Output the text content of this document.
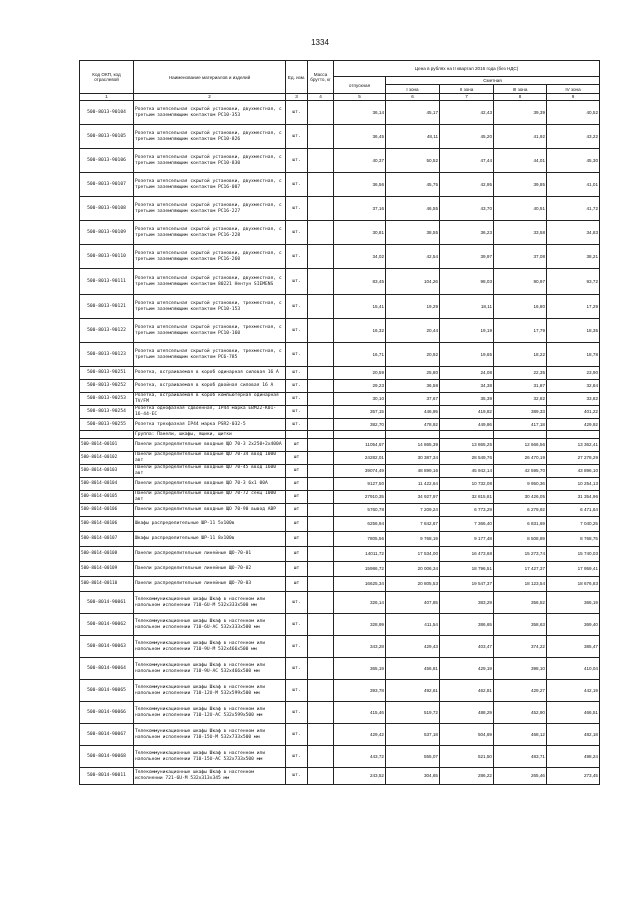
1334
Код ОКП, код отраслевой	Наименование материалов и изделий	Ед. изм.	Масса брутто, кг	Цена в рублях на II квартал 2016 года (без НДС)				
				отпускная	Сметная			
					I зона	II зона	III зона	IV зона
1	2	3	4	5	6	7	8	9
500-8013-90104	Розетка штепсельная скрытой установки, двухместная, с третьим заземляющим контактом РС10-353	шт.		36,14	45,17	42,43	39,39	40,52
500-8013-90105	Розетка штепсельная скрытой установки, двухместная, с третьим заземляющим контактом РС10-826	шт.		36,45	48,11	45,20	41,92	43,22
500-8013-90106	Розетка штепсельная скрытой установки, двухместная, с третьим заземляющим контактом РС10-830	шт.		40,37	50,52	47,44	44,01	45,30
500-8013-90107	Розетка штепсельная скрытой установки, двухместная, с третьим заземляющим контактом РС16-007	шт.		36,56	45,75	42,95	39,85	41,01
500-8013-90108	Розетка штепсельная скрытой установки, двухместная, с третьим заземляющим контактом РС16-227	шт.		37,16	46,55	43,70	40,51	41,72
500-8013-90109	Розетка штепсельная скрытой установки, двухместная, с третьим заземляющим контактом РС16-228	шт.		30,81	38,55	36,23	33,58	34,83
500-8013-90110	Розетка штепсельная скрытой установки, двухместная, с третьим заземляющим контактом РС16-260	шт.		34,02	42,54	39,97	37,08	38,21
500-8013-90111	Розетка штепсельная скрытой установки, двухместная, с третьим заземляющим контактом 80221 Heнтyн SIEMENS	шт.		83,45	104,26	98,03	90,97	93,72
500-8013-90121	Розетка штепсельная скрытой установки, трехместная, с третьим заземляющим контактом РС10-153	шт.		15,41	19,29	18,11	16,80	17,29
500-8013-90122	Розетка штепсельная скрытой установки, трехместная, с третьим заземляющим контактом РС10-160	шт.		16,32	20,44	19,19	17,79	18,35
500-8013-90123	Розетка штепсельная скрытой установки, трехместная, с третьим заземляющим контактом РС6-785	шт.		16,71	20,92	19,65	18,22	18,78
500-8013-90251	Розетка, встраиваемая в короб одинарная силовая 16 А	шт.		20,59	25,80	24,08	22,35	23,90
500-8013-90252	Розетка, встраиваемая в короб двойная силовая 16 А	шт.		29,23	36,58	34,38	31,87	32,84
500-8013-90253	Розетка, встраиваемая в короб компьютерная одинарная TV/FM	шт.		30,10	37,67	35,39	32,82	33,82
500-8013-90254	Розетка однофазная сдвоенная, IP44 марка EBM22-K01-16-44-EC	шт.		357,15	446,95	419,82	389,33	401,22
500-8013-90255	Розетка трехфазная IP44 марка PSR2-032-5	шт.		382,70	478,92	449,86	417,18	429,92
	Группа: Панели, шкафы, ящики, щитки							
500-8014-00101	Панели распределительные вводные ЩО 70-3 2х250+2х400А	шт		11054,67	14 865,39	13 865,25	12 666,56	13 362,41
500-8014-00102	Панели распределительные вводные ЩО 70-34 ввод 1000 авт	шт		24282,01	30 387,34	28 549,76	26 470,19	27 278,29
500-8014-00103	Панели распределительные вводные ЩО 70-45 ввод 1600 авт	шт		39074,49	48 899,16	45 942,14	42 595,70	43 896,10
500-8014-00104	Панели распределительные вводные ЩО 70-3 6х1 00А	шт		9127,50	11 422,64	10 732,08	9 950,36	10 254,13
500-8014-00105	Панели распределительные вводные ЩО 70-72 секц 1000 авт	шт		27910,35	34 927,97	32 815,81	30 426,05	31 354,96
500-8014-00106	Панели распределительные вводные ЩО 70-90 вывод АВР	шт		5760,78	7 209,24	6 773,29	6 279,92	6 471,64
500-8014-00106	Шкафы распределительные ШР-11 5х100в	шт		6256,94	7 842,67	7 366,40	6 831,69	7 040,25
500-8014-00107	Шкафы распределительные ШР-11 8х100в	шт		7805,56	9 768,19	9 177,48	8 508,89	8 768,75
500-8014-00108	Панели распределительные линейные ЩО-70-01	шт		14011,72	17 534,00	16 473,68	15 273,74	15 740,03
500-8014-00109	Панели распределительные линейные ЩО-70-02	шт		15986,72	20 006,34	18 796,51	17 427,37	17 959,41
500-8014-00110	Панели распределительные линейные ЩО-70-03	шт		16625,34	20 805,53	19 547,37	18 123,54	18 676,83
500-8014-90061	Телекоммуникационные шкафы Шкаф в настенном или напольном исполнении 710-6U-M 532х333х500 мм	шт.		326,14	407,85	383,29	356,52	366,19
500-8014-90062	Телекоммуникационные шкафы Шкаф в настенном или напольном исполнении 710-6U-AC 532х333х500 мм	шт.		328,99	411,54	386,65	358,63	369,40
500-8014-90063	Телекоммуникационные шкафы Шкаф в настенном или напольном исполнении 710-9U-M 532х466х500 мм	шт.		343,28	429,43	403,47	374,22	385,47
500-8014-90064	Телекоммуникационные шкафы Шкаф в настенном или напольном исполнении 710-9U-AC 532х466х500 мм	шт.		365,19	456,81	429,19	398,10	410,04
500-8014-90065	Телекоммуникационные шкафы Шкаф в настенном или напольном исполнении 710-12U-M 532х599х500 мм	шт.		393,78	492,61	462,81	429,27	442,19
500-8014-90066	Телекоммуникационные шкафы Шкаф в настенном или напольном исполнении 710-12U-AC 532х599х500 мм	шт.		415,46	519,72	488,29	452,90	466,51
500-8014-90067	Телекоммуникационные шкафы Шкаф в настенном или напольном исполнении 710-15U-M 532х733х500 мм	шт.		429,42	537,18	504,69	468,12	482,18
500-8014-90068	Телекоммуникационные шкафы Шкаф в настенном или напольном исполнении 710-15U-AC 532х733х500 мм	шт.		443,72	555,07	521,50	483,71	498,24
500-8014-90011	Телекоммуникационные шкафы Шкаф в настенном исполнении 721-6U-M 532х313х345 мм	шт.		243,52	304,65	286,22	265,46	273,45
